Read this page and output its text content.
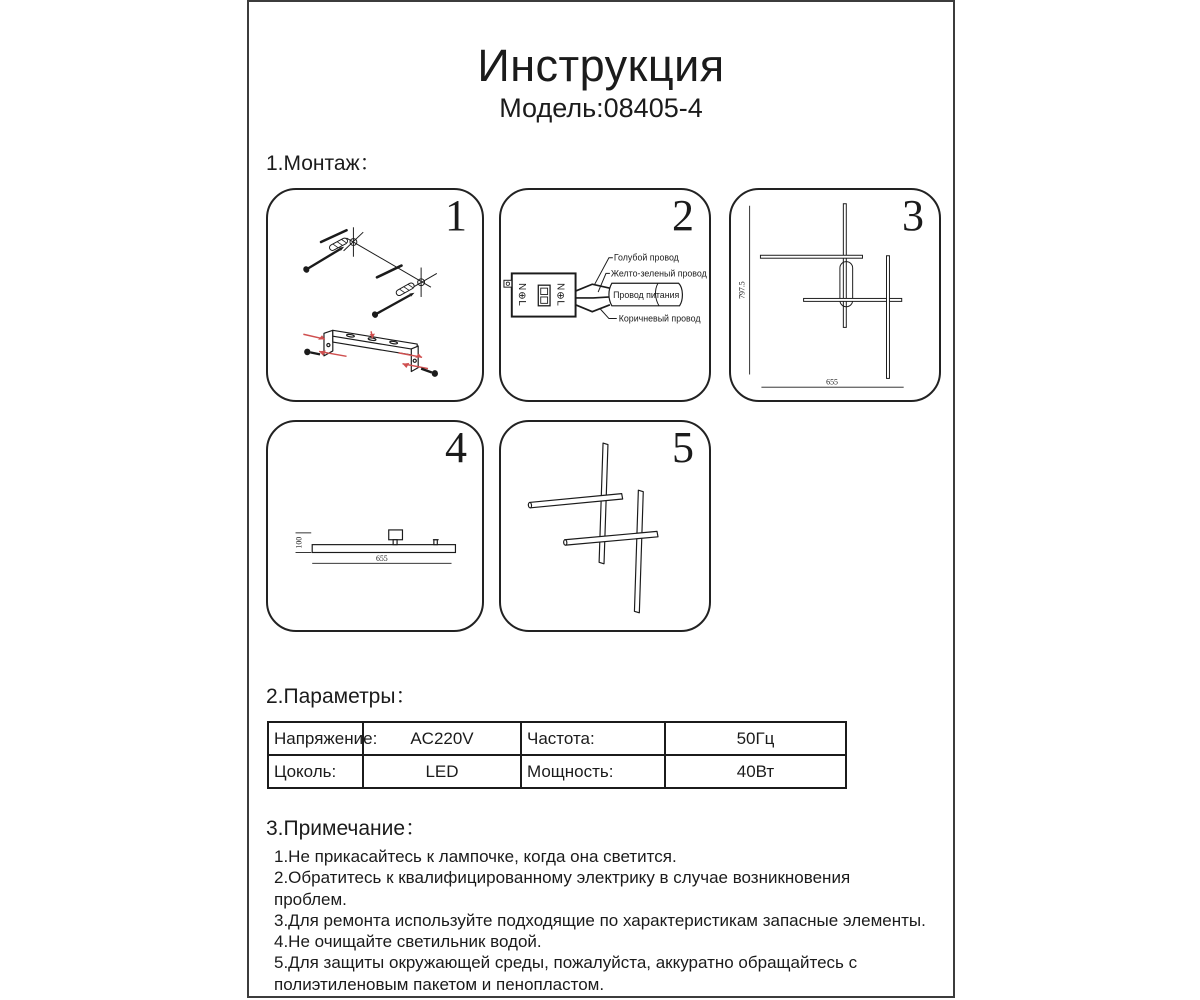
Инструкция
Модель:08405-4
1.Монтаж：
1
N⊕L	N⊕L
Голубой провод
Желто-зеленый провод
Провод питания
Коричневый провод
2
797.5
655
3
100
655
4	5
2.Параметры：
Напряжение:	AC220V	Частота:	50Гц
Цоколь:	LED	Мощность:	40Вт
3.Примечание：
1.Не прикасайтесь к лампочке, когда она светится.
2.Обратитесь к квалифицированному электрику в случае возникновения проблем.
3.Для ремонта используйте подходящие по характеристикам запасные элементы.
4.Не очищайте светильник водой.
5.Для защиты окружающей среды, пожалуйста, аккуратно обращайтесь с полиэтиленовым пакетом и пенопластом.
